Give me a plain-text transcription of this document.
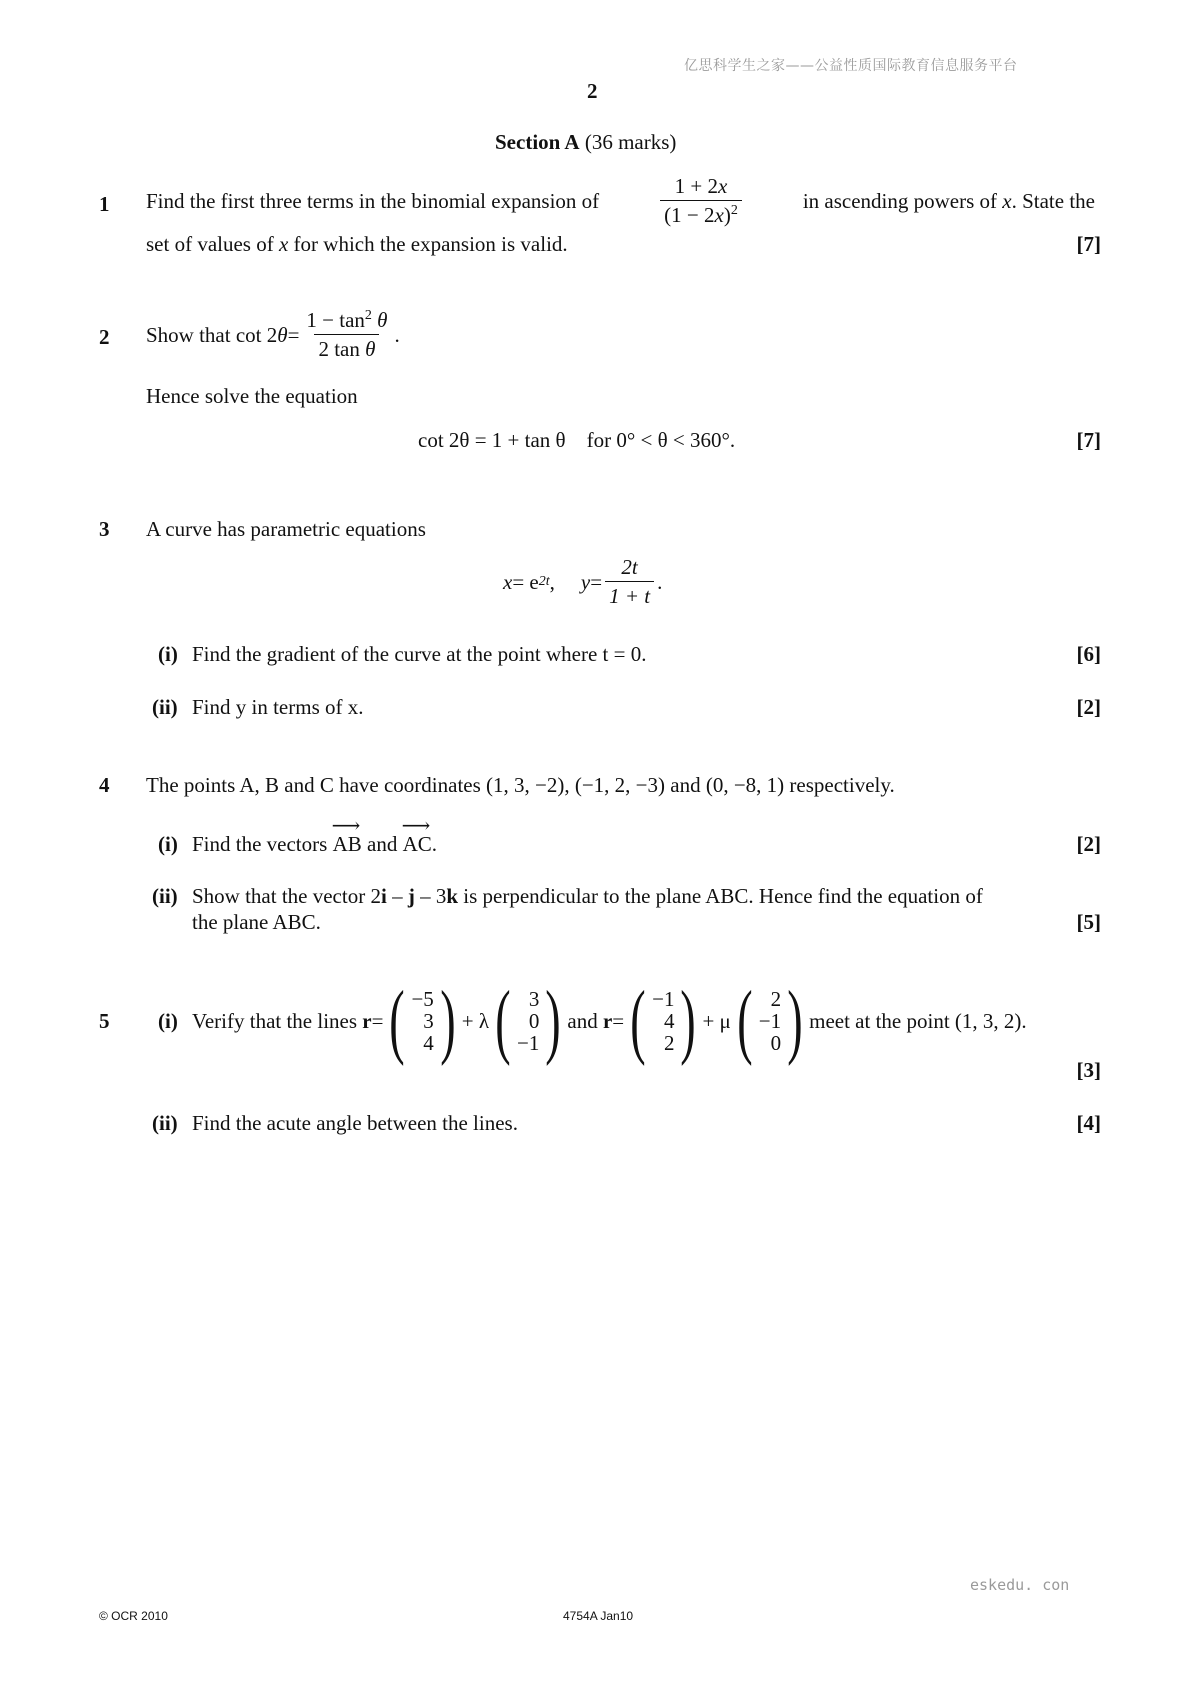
亿思科学生之家——公益性质国际教育信息服务平台
2
Section A (36 marks)
1 Find the first three terms in the binomial expansion of	$\frac{1 + 2x}{(1 - 2x)^2}$	in ascending powers of x. State the
set of values of x for which the expansion is valid.	[7]
2 Show that cot 2 $\theta = \frac{1 - \tan^2 \theta}{\text{2 tan θ}}$ .
Hence solve the equation
cot 2θ = 1 + tan θ for 0° < θ < 360°.	[7]
3 A curve has parametric equations
x = e 2t , $y = \frac{2t}{1 + t}$ .
(i) Find the gradient of the curve at the point where t = 0.	[6]
(ii) Find y in terms of x.	[2]
4 The points A, B and C have coordinates (1, 3, −2), (−1, 2, −3) and (0, −8, 1) respectively.
(i) Find the vectors ⟶ AB and ⟶ AC.	[2]
(ii) Show that the vector 2i – j – 3k is perpendicular to the plane ABC. Hence find the equation of
the plane ABC.	[5]
5 (i) Verify that the lines
r = ( −5
3
4 ) + λ ( 3
0
−1 ) and
r = ( −1
4
2 ) + μ ( 2
−1
0 ) meet at the point (1, 3, 2).
[3]
(ii) Find the acute angle between the lines.	[4]
eskedu. con
© OCR 2010	4754A Jan10
